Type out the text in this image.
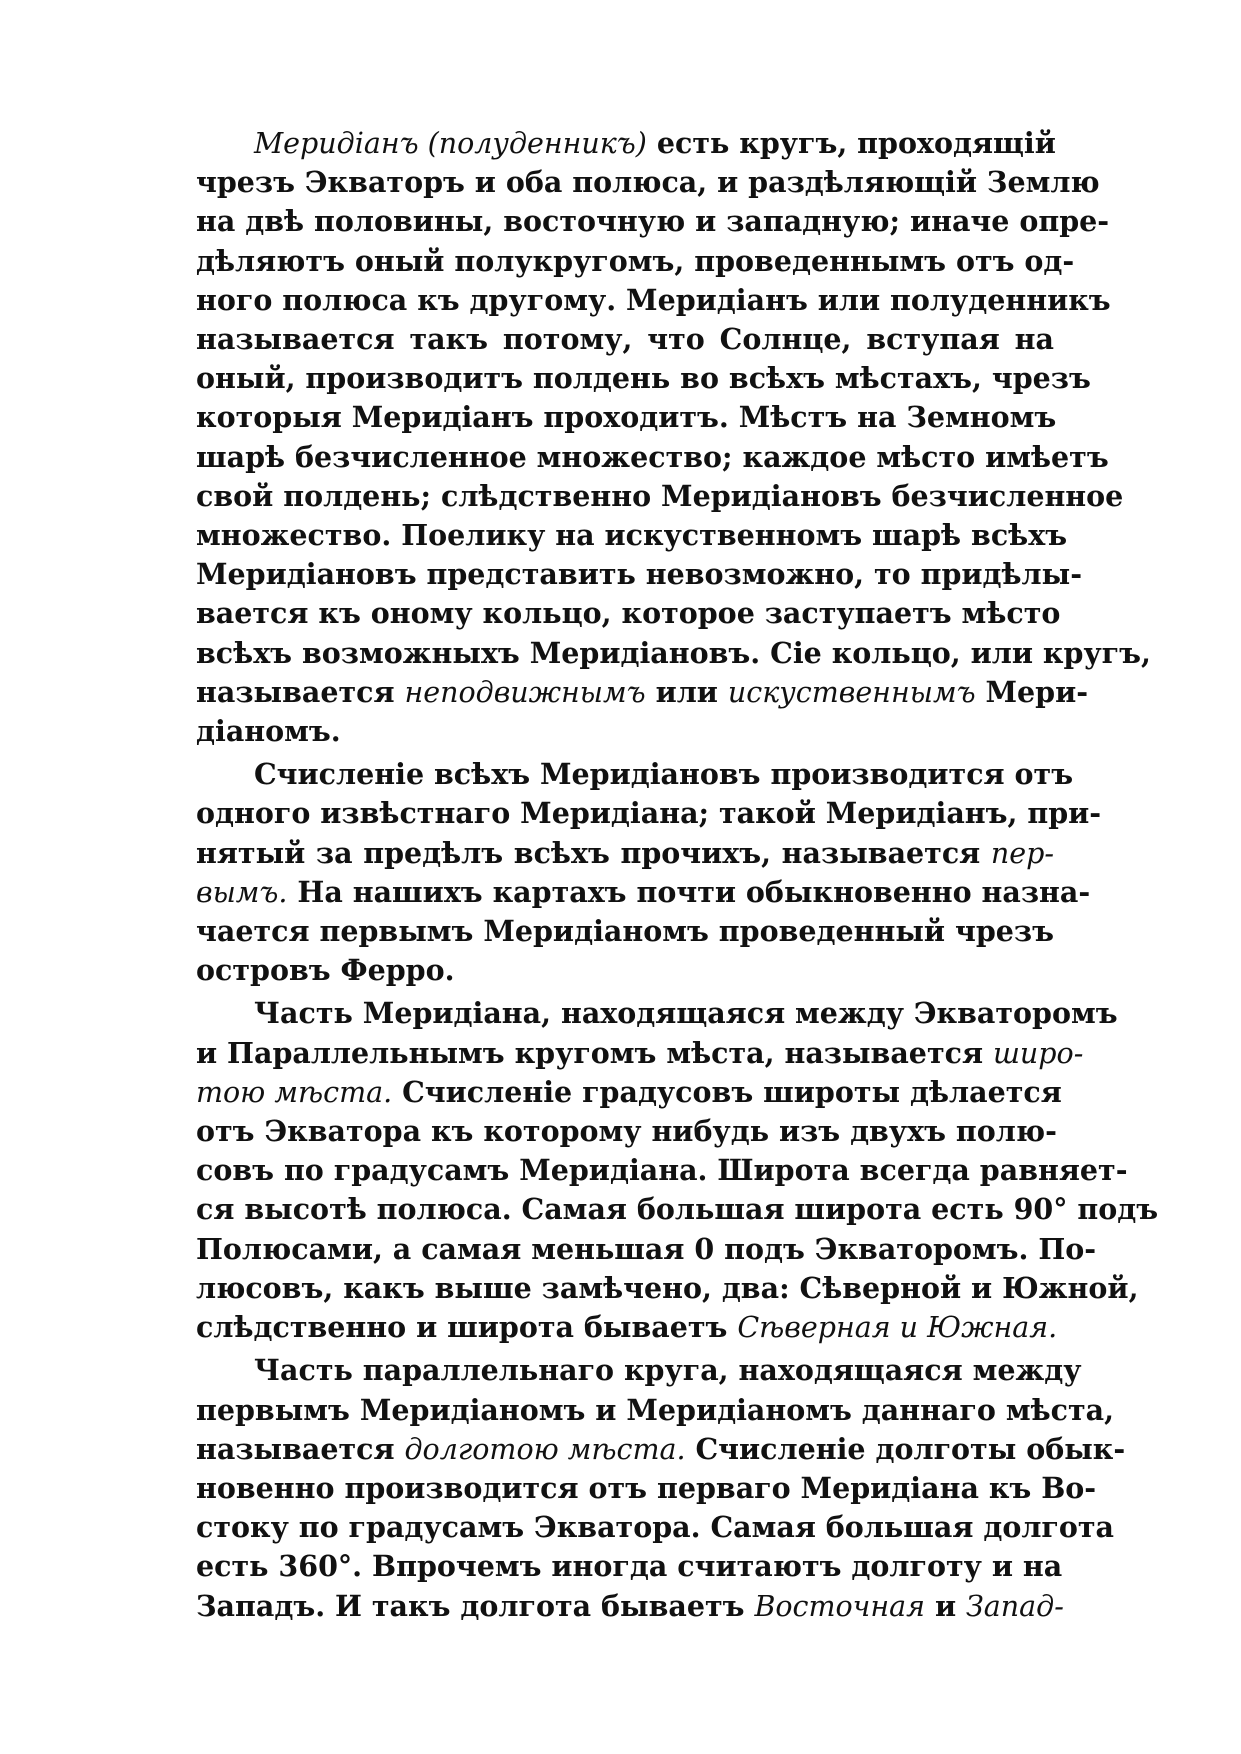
Меридіанъ (полуденникъ) есть кругъ, проходящій
чрезъ Экваторъ и оба полюса, и раздѣляющій Землю
на двѣ половины, восточную и западную; иначе опре-
дѣляютъ оный полукругомъ, проведеннымъ отъ од-
ного полюса къ другому. Меридіанъ или полуденникъ
называется такъ потому, что Солнце, вступая на
оный, производитъ полдень во всѣхъ мѣстахъ, чрезъ
которыя Меридіанъ проходитъ. Мѣстъ на Земномъ
шарѣ безчисленное множество; каждое мѣсто имѣетъ
свой полдень; слѣдственно Меридіановъ безчисленное
множество. Поелику на искуственномъ шарѣ всѣхъ
Меридіановъ представить невозможно, то придѣлы-
вается къ оному кольцо, которое заступаетъ мѣсто
всѣхъ возможныхъ Меридіановъ. Сіе кольцо, или кругъ,
называется неподвижнымъ или искуственнымъ Мери-
діаномъ.
Счисленіе всѣхъ Меридіановъ производится отъ
одного извѣстнаго Меридіана; такой Меридіанъ, при-
нятый за предѣлъ всѣхъ прочихъ, называется пер-
вымъ. На нашихъ картахъ почти обыкновенно назна-
чается первымъ Меридіаномъ проведенный чрезъ
островъ Ферро.
Часть Меридіана, находящаяся между Экваторомъ
и Параллельнымъ кругомъ мѣста, называется широ-
тою мѣста. Счисленіе градусовъ широты дѣлается
отъ Экватора къ которому нибудь изъ двухъ полю-
совъ по градусамъ Меридіана. Широта всегда равняет-
ся высотѣ полюса. Самая большая широта есть 90° подъ
Полюсами, а самая меньшая 0 подъ Экваторомъ. По-
люсовъ, какъ выше замѣчено, два: Сѣверной и Южной,
слѣдственно и широта бываетъ Сѣверная и Южная.
Часть параллельнаго круга, находящаяся между
первымъ Меридіаномъ и Меридіаномъ даннаго мѣста,
называется долготою мѣста. Счисленіе долготы обык-
новенно производится отъ перваго Меридіана къ Во-
стоку по градусамъ Экватора. Самая большая долгота
есть 360°. Впрочемъ иногда считаютъ долготу и на
Западъ. И такъ долгота бываетъ Восточная и Запад-
